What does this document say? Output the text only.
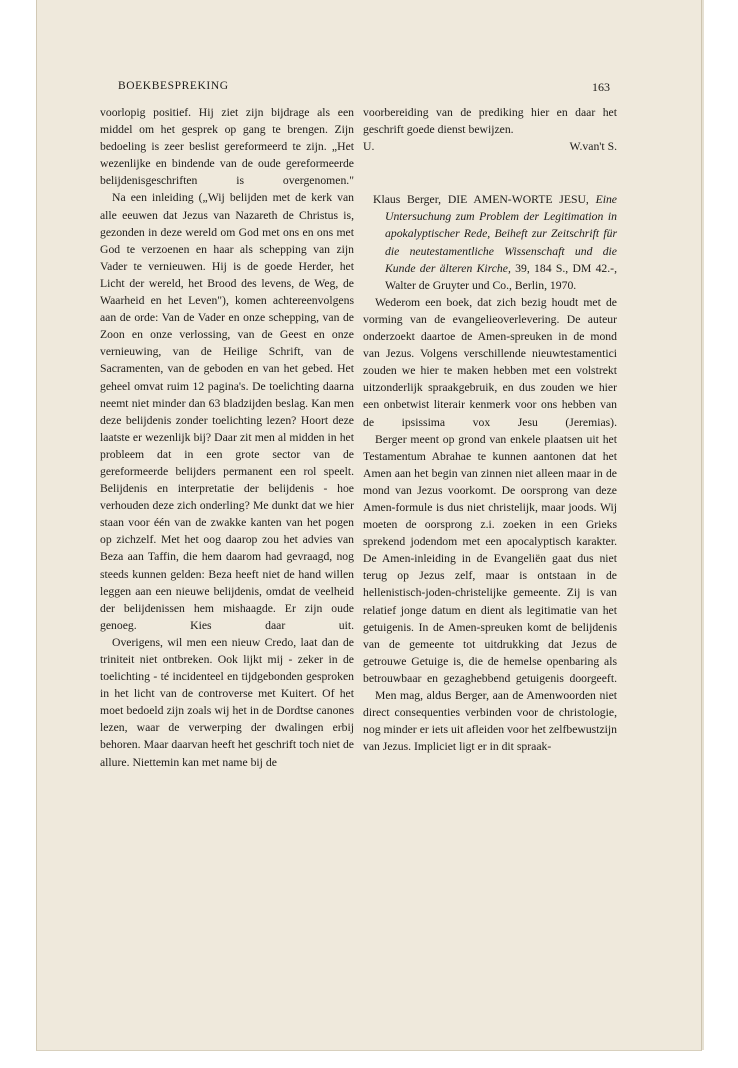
BOEKBESPREKING	163

voorlopig positief. Hij ziet zijn bijdrage als een middel om het gesprek op gang te brengen. Zijn bedoeling is zeer beslist gereformeerd te zijn. „Het wezenlijke en bindende van de oude gereformeerde belijdenisgeschriften is overgenomen."

Na een inleiding („Wij belijden met de kerk van alle eeuwen dat Jezus van Nazareth de Christus is, gezonden in deze wereld om God met ons en ons met God te verzoenen en haar als schepping van zijn Vader te vernieuwen. Hij is de goede Herder, het Licht der wereld, het Brood des levens, de Weg, de Waarheid en het Leven"), komen achtereenvolgens aan de orde: Van de Vader en onze schepping, van de Zoon en onze verlossing, van de Geest en onze vernieuwing, van de Heilige Schrift, van de Sacramenten, van de geboden en van het gebed. Het geheel omvat ruim 12 pagina's. De toelichting daarna neemt niet minder dan 63 bladzijden beslag. Kan men deze belijdenis zonder toelichting lezen? Hoort deze laatste er wezenlijk bij? Daar zit men al midden in het probleem dat in een grote sector van de gereformeerde belijders permanent een rol speelt. Belijdenis en interpretatie der belijdenis - hoe verhouden deze zich onderling? Me dunkt dat we hier staan voor één van de zwakke kanten van het pogen op zichzelf. Met het oog daarop zou het advies van Beza aan Taffin, die hem daarom had gevraagd, nog steeds kunnen gelden: Beza heeft niet de hand willen leggen aan een nieuwe belijdenis, omdat de veelheid der belijdenissen hem mishaagde. Er zijn oude genoeg. Kies daar uit.

Overigens, wil men een nieuw Credo, laat dan de triniteit niet ontbreken. Ook lijkt mij - zeker in de toelichting - té incidenteel en tijdgebonden gesproken in het licht van de controverse met Kuitert. Of het moet bedoeld zijn zoals wij het in de Dordtse canones lezen, waar de verwerping der dwalingen erbij behoren. Maar daarvan heeft het geschrift toch niet de allure. Niettemin kan met name bij de

voorbereiding van de prediking hier en daar het geschrift goede dienst bewijzen.

U.	W.van't S.

Klaus Berger, DIE AMEN-WORTE JESU, Eine Untersuchung zum Problem der Legitimation in apokalyptischer Rede, Beiheft zur Zeitschrift für die neutestamentliche Wissenschaft und die Kunde der älteren Kirche, 39, 184 S., DM 42.-, Walter de Gruyter und Co., Berlin, 1970.

Wederom een boek, dat zich bezig houdt met de vorming van de evangelieoverlevering. De auteur onderzoekt daartoe de Amen-spreuken in de mond van Jezus. Volgens verschillende nieuwtestamentici zouden we hier te maken hebben met een volstrekt uitzonderlijk spraakgebruik, en dus zouden we hier een onbetwist literair kenmerk voor ons hebben van de ipsissima vox Jesu (Jeremias).

Berger meent op grond van enkele plaatsen uit het Testamentum Abrahae te kunnen aantonen dat het Amen aan het begin van zinnen niet alleen maar in de mond van Jezus voorkomt. De oorsprong van deze Amen-formule is dus niet christelijk, maar joods. Wij moeten de oorsprong z.i. zoeken in een Grieks sprekend jodendom met een apocalyptisch karakter. De Amen-inleiding in de Evangeliën gaat dus niet terug op Jezus zelf, maar is ontstaan in de hellenistisch-joden-christelijke gemeente. Zij is van relatief jonge datum en dient als legitimatie van het getuigenis. In de Amen-spreuken komt de belijdenis van de gemeente tot uitdrukking dat Jezus de getrouwe Getuige is, die de hemelse openbaring als betrouwbaar en gezaghebbend getuigenis doorgeeft.

Men mag, aldus Berger, aan de Amenwoorden niet direct consequenties verbinden voor de christologie, nog minder er iets uit afleiden voor het zelfbewustzijn van Jezus. Impliciet ligt er in dit spraak-
